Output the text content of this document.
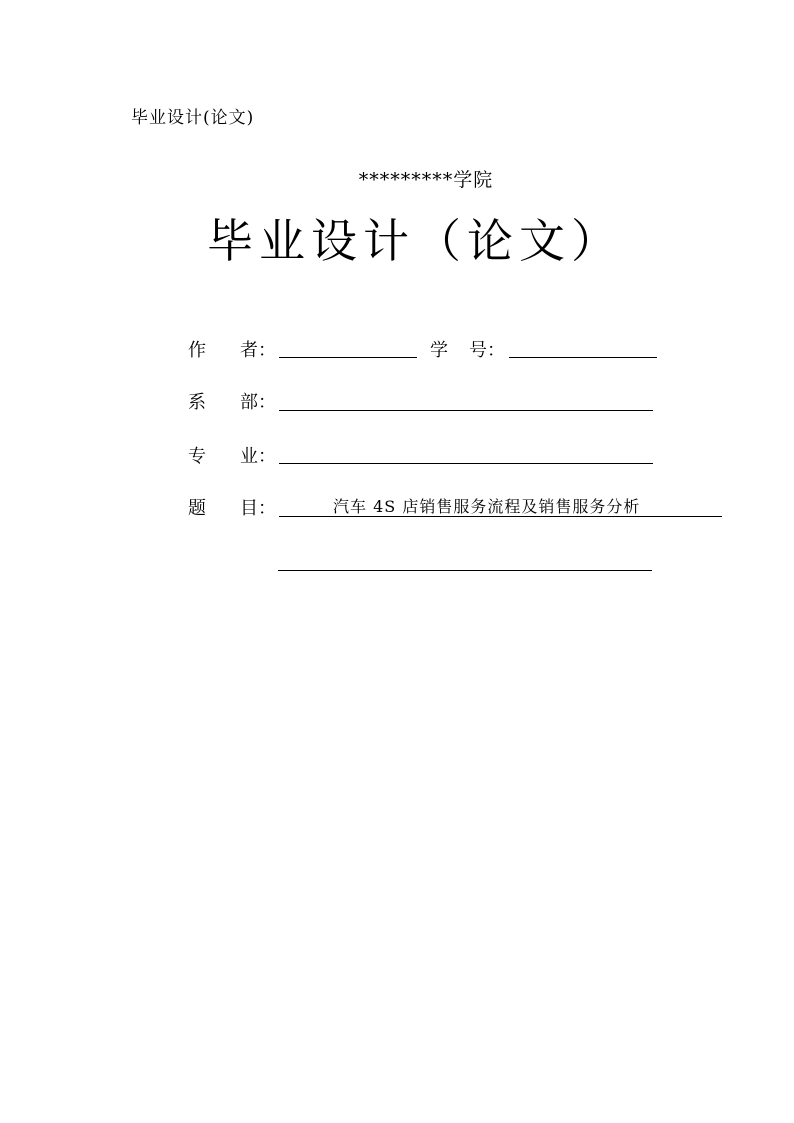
毕业设计(论文)
*********学院
毕业设计（论文）
作 者：	学 号：
系 部：
专 业：
题 目：	汽车 4S 店销售服务流程及销售服务分析
